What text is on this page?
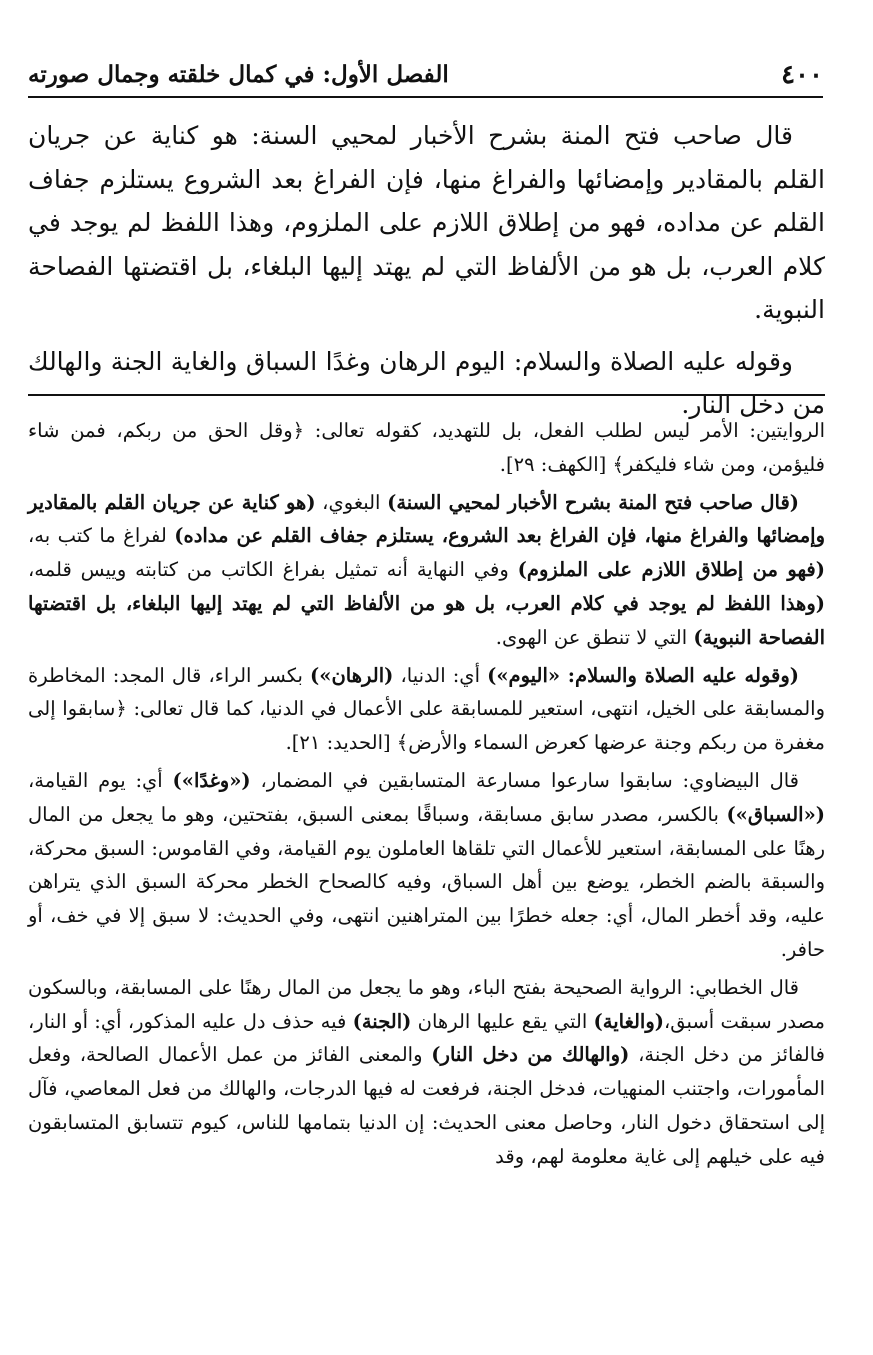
٤٠٠
الفصل الأول: في كمال خلقته وجمال صورته

قال صاحب فتح المنة بشرح الأخبار لمحيي السنة: هو كناية عن جريان القلم بالمقادير وإمضائها والفراغ منها، فإن الفراغ بعد الشروع يستلزم جفاف القلم عن مداده، فهو من إطلاق اللازم على الملزوم، وهذا اللفظ لم يوجد في كلام العرب، بل هو من الألفاظ التي لم يهتد إليها البلغاء، بل اقتضتها الفصاحة النبوية.

وقوله عليه الصلاة والسلام: اليوم الرهان وغدًا السباق والغاية الجنة والهالك من دخل النار.

الروايتين: الأمر ليس لطلب الفعل، بل للتهديد، كقوله تعالى: ﴿وقل الحق من ربكم، فمن شاء فليؤمن، ومن شاء فليكفر﴾ [الكهف: ٢٩].

(قال صاحب فتح المنة بشرح الأخبار لمحيي السنة) البغوي، (هو كناية عن جريان القلم بالمقادير وإمضائها والفراغ منها، فإن الفراغ بعد الشروع، يستلزم جفاف القلم عن مداده) لفراغ ما كتب به، (فهو من إطلاق اللازم على الملزوم) وفي النهاية أنه تمثيل بفراغ الكاتب من كتابته وييس قلمه، (وهذا اللفظ لم يوجد في كلام العرب، بل هو من الألفاظ التي لم يهتد إليها البلغاء، بل اقتضتها الفصاحة النبوية) التي لا تنطق عن الهوى.

(وقوله عليه الصلاة والسلام: «اليوم») أي: الدنيا، (الرهان») بكسر الراء، قال المجد: المخاطرة والمسابقة على الخيل، انتهى، استعير للمسابقة على الأعمال في الدنيا، كما قال تعالى: ﴿سابقوا إلى مغفرة من ربكم وجنة عرضها كعرض السماء والأرض﴾ [الحديد: ٢١].

قال البيضاوي: سابقوا سارعوا مسارعة المتسابقين في المضمار، («وغدًا») أي: يوم القيامة، («السباق») بالكسر، مصدر سابق مسابقة، وسباقًا بمعنى السبق، بفتحتين، وهو ما يجعل من المال رهنًا على المسابقة، استعير للأعمال التي تلقاها العاملون يوم القيامة، وفي القاموس: السبق محركة، والسبقة بالضم الخطر، يوضع بين أهل السباق، وفيه كالصحاح الخطر محركة السبق الذي يتراهن عليه، وقد أخطر المال، أي: جعله خطرًا بين المتراهنين انتهى، وفي الحديث: لا سبق إلا في خف، أو حافر.

قال الخطابي: الرواية الصحيحة بفتح الباء، وهو ما يجعل من المال رهنًا على المسابقة، وبالسكون مصدر سبقت أسبق،(والغاية) التي يقع عليها الرهان (الجنة) فيه حذف دل عليه المذكور، أي: أو النار، فالفائز من دخل الجنة، (والهالك من دخل النار) والمعنى الفائز من عمل الأعمال الصالحة، وفعل المأمورات، واجتنب المنهيات، فدخل الجنة، فرفعت له فيها الدرجات، والهالك من فعل المعاصي، فآل إلى استحقاق دخول النار، وحاصل معنى الحديث: إن الدنيا بتمامها للناس، كيوم تتسابق المتسابقون فيه على خيلهم إلى غاية معلومة لهم، وقد
